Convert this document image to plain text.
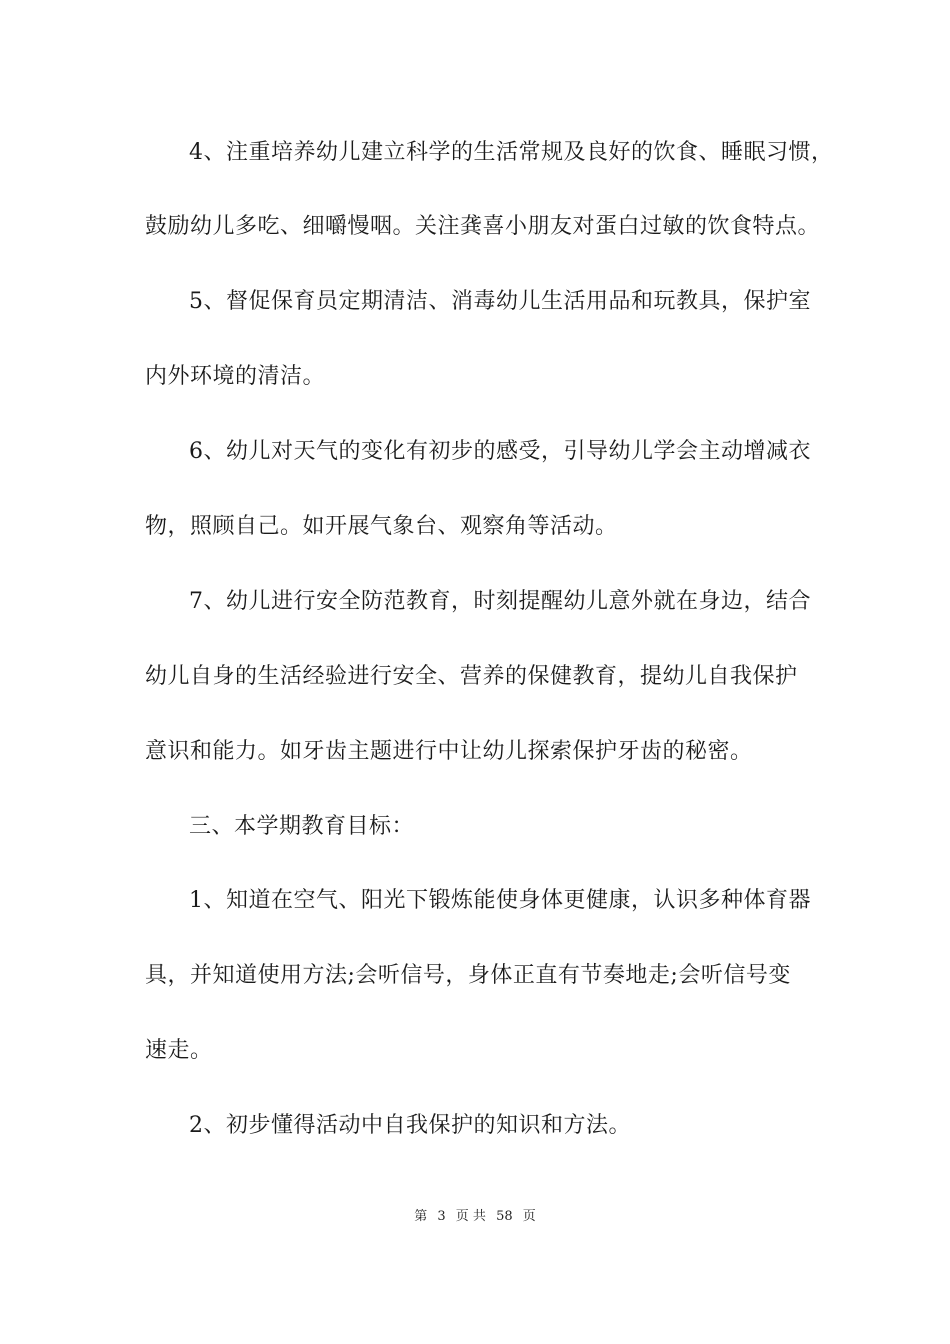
4、注重培养幼儿建立科学的生活常规及良好的饮食、睡眠习惯，
鼓励幼儿多吃、细嚼慢咽。关注龚喜小朋友对蛋白过敏的饮食特点。
5、督促保育员定期清洁、消毒幼儿生活用品和玩教具，保护室
内外环境的清洁。
6、幼儿对天气的变化有初步的感受，引导幼儿学会主动增减衣
物，照顾自己。如开展气象台、观察角等活动。
7、幼儿进行安全防范教育，时刻提醒幼儿意外就在身边，结合
幼儿自身的生活经验进行安全、营养的保健教育，提幼儿自我保护
意识和能力。如牙齿主题进行中让幼儿探索保护牙齿的秘密。
三、本学期教育目标：
1、知道在空气、阳光下锻炼能使身体更健康，认识多种体育器
具，并知道使用方法;会听信号，身体正直有节奏地走;会听信号变
速走。
2、初步懂得活动中自我保护的知识和方法。
第 3 页 共 58 页
